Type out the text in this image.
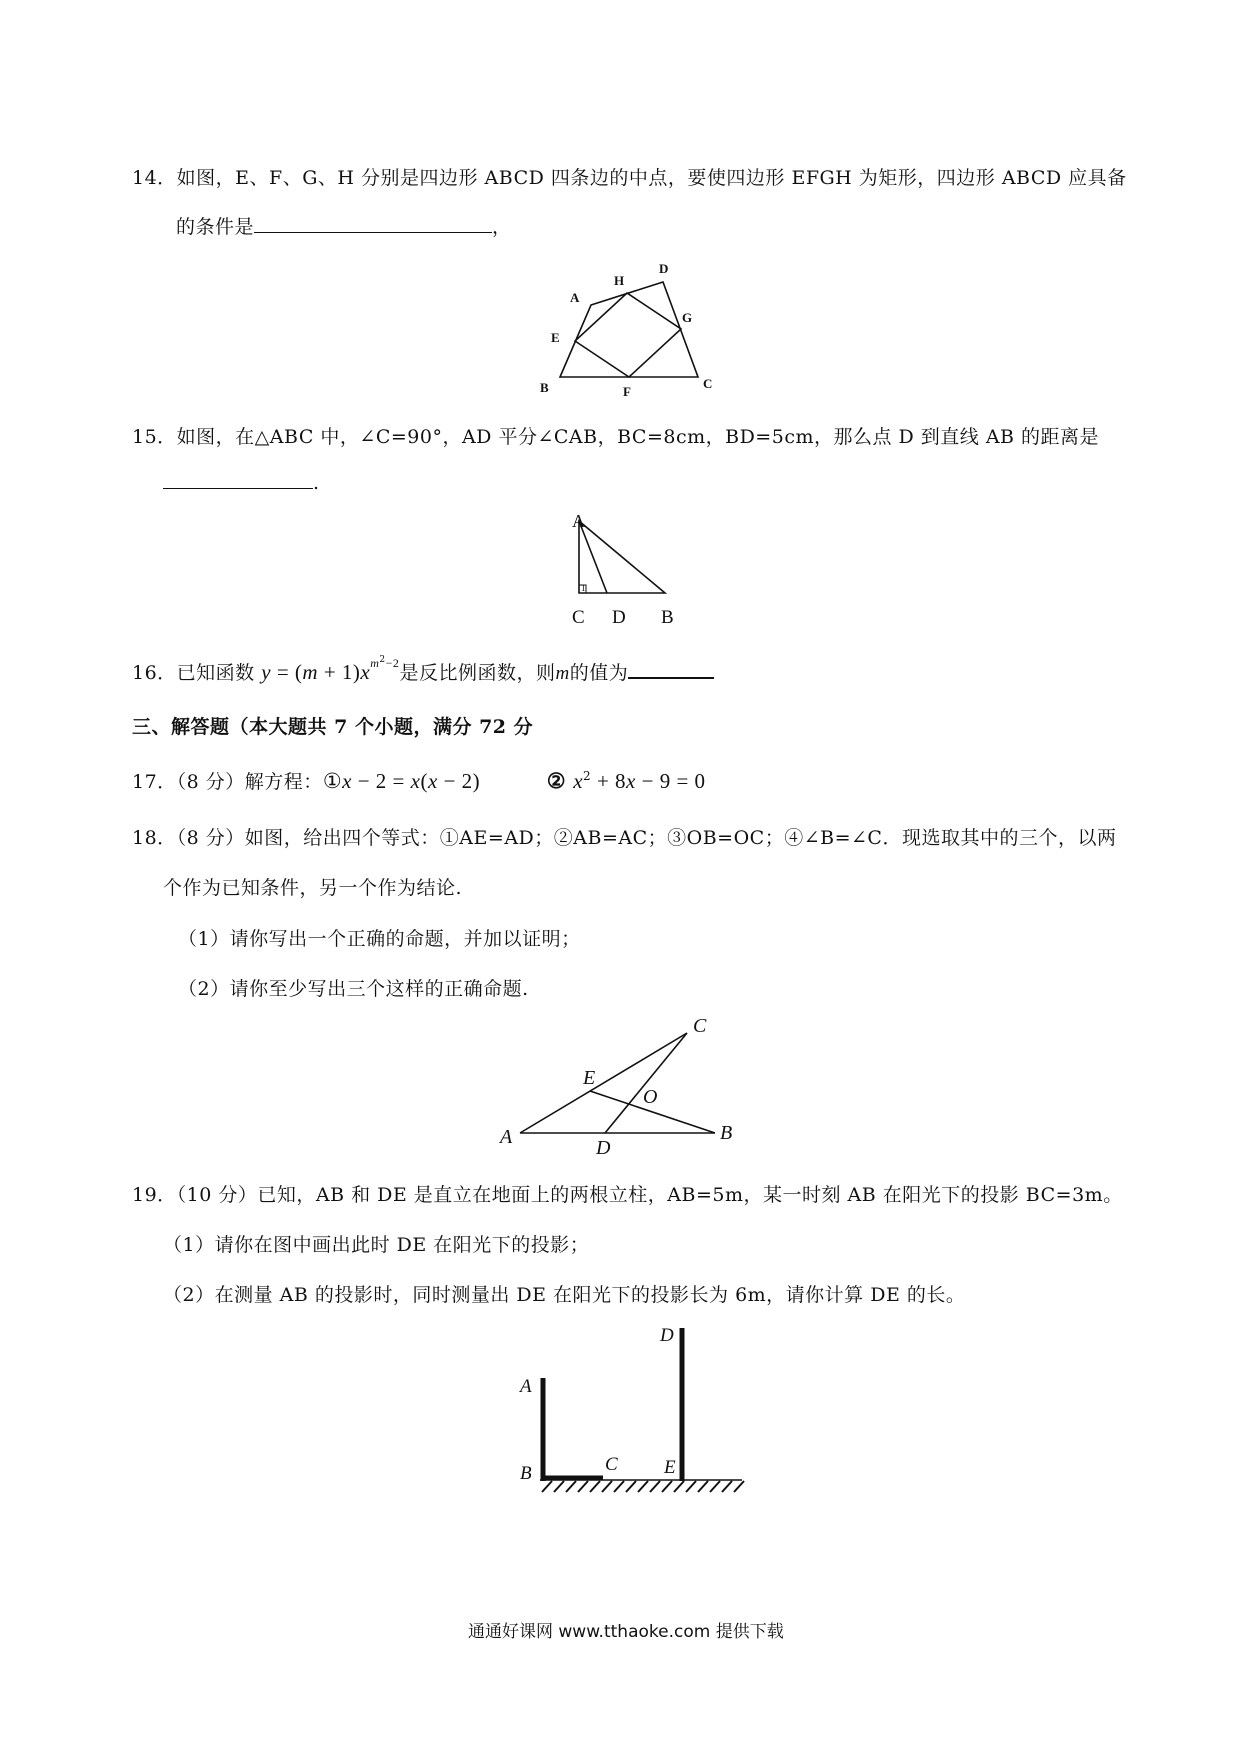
14．如图，E、F、G、H 分别是四边形 ABCD 四条边的中点，要使四边形 EFGH 为矩形，四边形 ABCD 应具备
的条件是	，
A
H
D
G
E
B	F
C
15．如图，在△ABC 中，∠C=90°，AD 平分∠CAB，BC=8cm，BD=5cm，那么点 D 到直线 AB 的距离是
.
A
1
C D B
16．已知函数 $y = (m + 1)x^{m^2-2}$是反比例函数，则m的值为
三、解答题（本大题共 7 个小题，满分 72 分
17．（8 分）解方程：①x − 2 = x(x − 2)	② $x^2 + 8x - 9 = 0$
18．（8 分）如图，给出四个等式：①AE=AD；②AB=AC；③OB=OC；④∠B=∠C．现选取其中的三个，以两
个作为已知条件，另一个作为结论.
（1）请你写出一个正确的命题，并加以证明；
（2）请你至少写出三个这样的正确命题.
C
E
O
A	D
B
19．（10 分）已知，AB 和 DE 是直立在地面上的两根立柱，AB=5m，某一时刻 AB 在阳光下的投影 BC=3m。
（1）请你在图中画出此时 DE 在阳光下的投影；
（2）在测量 AB 的投影时，同时测量出 DE 在阳光下的投影长为 6m，请你计算 DE 的长。
D
A
B	C E
通通好课网 www.tthaoke.com 提供下载
